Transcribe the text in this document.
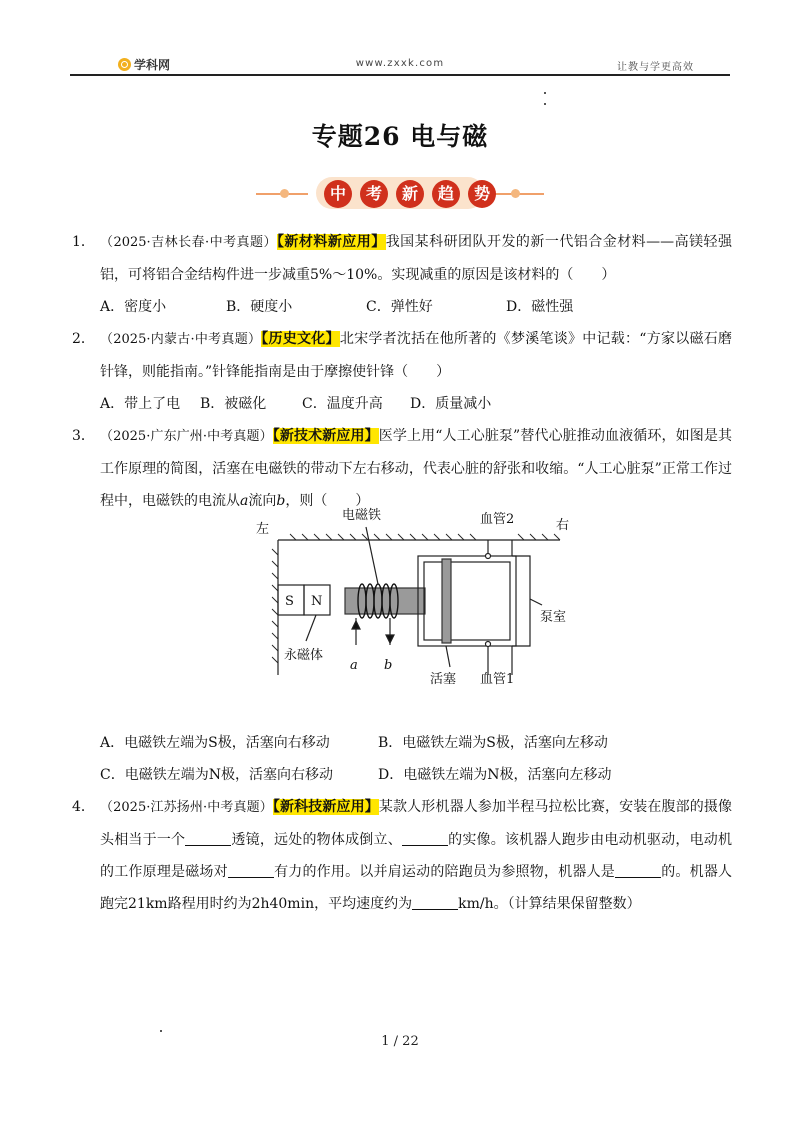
学科网	www.zxxk.com	让教与学更高效
专题26 电与磁
中	考	新	趋	势
1． （2025·吉林长春·中考真题）【新材料新应用】我国某科研团队开发的新一代铝合金材料——高镁轻强铝，可将铝合金结构件进一步减重5%～10%。实现减重的原因是该材料的（　　）
A．密度小	B．硬度小	C．弹性好	D．磁性强
2． （2025·内蒙古·中考真题）【历史文化】北宋学者沈括在他所著的《梦溪笔谈》中记载：“方家以磁石磨针锋，则能指南。”针锋能指南是由于摩擦使针锋（　　）
A．带上了电	B．被磁化	C．温度升高	D．质量减小
3． （2025·广东广州·中考真题）【新技术新应用】医学上用“人工心脏泵”替代心脏推动血液循环，如图是其工作原理的简图，活塞在电磁铁的带动下左右移动，代表心脏的舒张和收缩。“人工心脏泵”正常工作过程中，电磁铁的电流从a流向b，则（　　）
A．电磁铁左端为S极，活塞向右移动	B．电磁铁左端为S极，活塞向左移动
C．电磁铁左端为N极，活塞向右移动	D．电磁铁左端为N极，活塞向左移动
4． （2025·江苏扬州·中考真题）【新科技新应用】某款人形机器人参加半程马拉松比赛，安装在腹部的摄像头相当于一个	透镜，远处的物体成倒立、	的实像。该机器人跑步由电动机驱动，电动机的工作原理是磁场对	有力的作用。以并肩运动的陪跑员为参照物，机器人是	的。机器人跑完21km路程用时约为2h40min，平均速度约为	km/h。（计算结果保留整数）
S N
永磁体
a b
电磁铁
活塞
血管2
血管1
泵室
左	右
1 / 22
